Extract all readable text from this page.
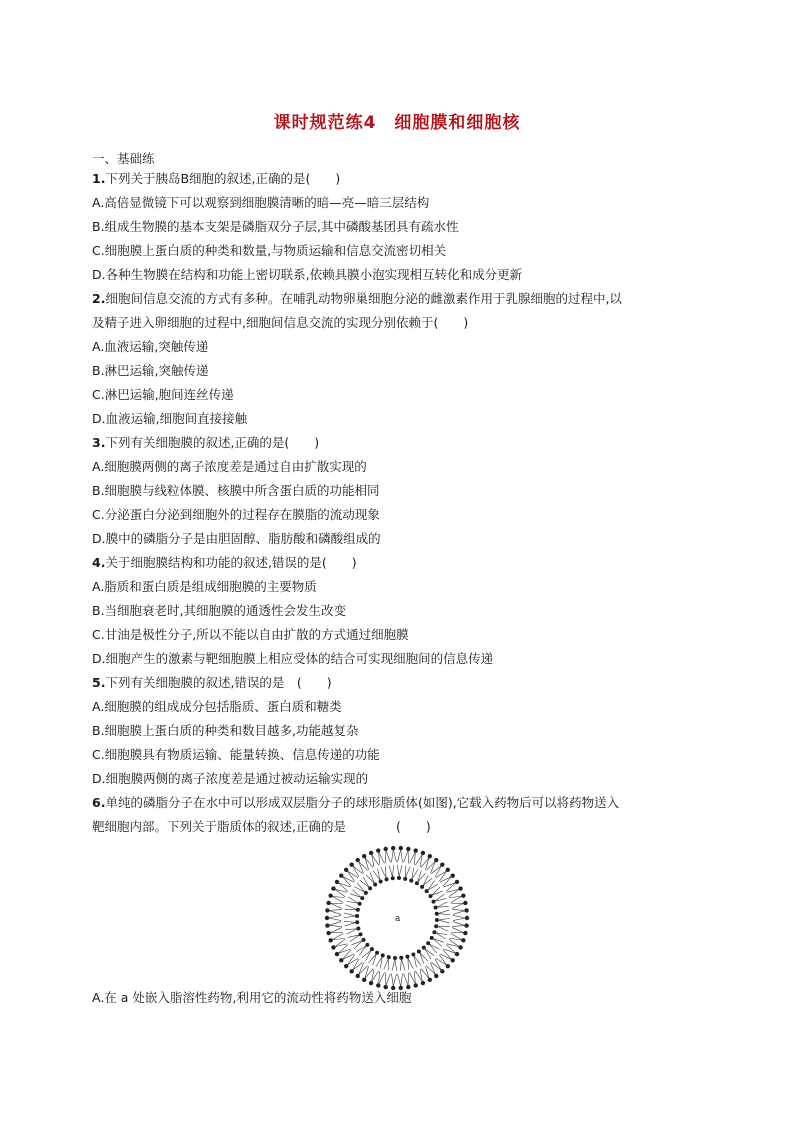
课时规范练4　细胞膜和细胞核
一、基础练
1.下列关于胰岛B细胞的叙述,正确的是(　　)
A.高倍显微镜下可以观察到细胞膜清晰的暗—亮—暗三层结构
B.组成生物膜的基本支架是磷脂双分子层,其中磷酸基团具有疏水性
C.细胞膜上蛋白质的种类和数量,与物质运输和信息交流密切相关
D.各种生物膜在结构和功能上密切联系,依赖具膜小泡实现相互转化和成分更新
2.细胞间信息交流的方式有多种。在哺乳动物卵巢细胞分泌的雌激素作用于乳腺细胞的过程中,以
及精子进入卵细胞的过程中,细胞间信息交流的实现分别依赖于(　　)
A.血液运输,突触传递
B.淋巴运输,突触传递
C.淋巴运输,胞间连丝传递
D.血液运输,细胞间直接接触
3.下列有关细胞膜的叙述,正确的是(　　)
A.细胞膜两侧的离子浓度差是通过自由扩散实现的
B.细胞膜与线粒体膜、核膜中所含蛋白质的功能相同
C.分泌蛋白分泌到细胞外的过程存在膜脂的流动现象
D.膜中的磷脂分子是由胆固醇、脂肪酸和磷酸组成的
4.关于细胞膜结构和功能的叙述,错误的是(　　)
A.脂质和蛋白质是组成细胞膜的主要物质
B.当细胞衰老时,其细胞膜的通透性会发生改变
C.甘油是极性分子,所以不能以自由扩散的方式通过细胞膜
D.细胞产生的激素与靶细胞膜上相应受体的结合可实现细胞间的信息传递
5.下列有关细胞膜的叙述,错误的是　(　　)
A.细胞膜的组成成分包括脂质、蛋白质和糖类
B.细胞膜上蛋白质的种类和数目越多,功能越复杂
C.细胞膜具有物质运输、能量转换、信息传递的功能
D.细胞膜两侧的离子浓度差是通过被动运输实现的
6.单纯的磷脂分子在水中可以形成双层脂分子的球形脂质体(如图),它载入药物后可以将药物送入
靶细胞内部。下列关于脂质体的叙述,正确的是　　　　(　　)
a
A.在 a 处嵌入脂溶性药物,利用它的流动性将药物送入细胞
